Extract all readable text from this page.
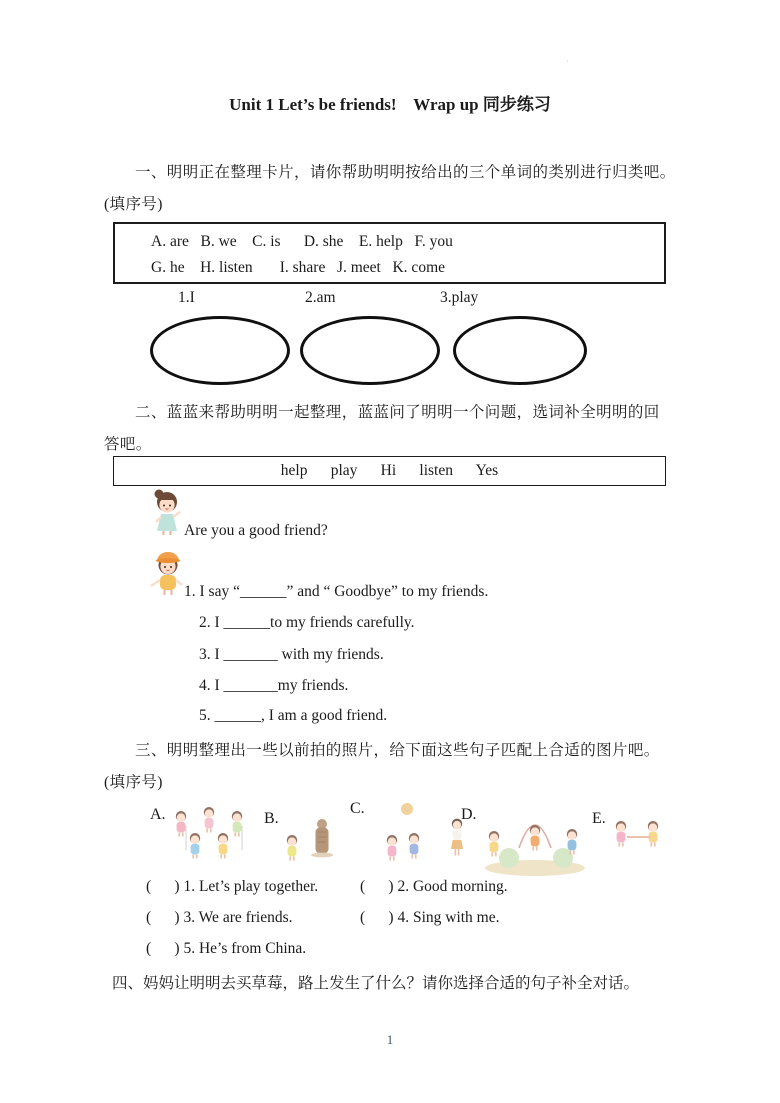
·
Unit 1 Let’s be friends!    Wrap up 同步练习
一、明明正在整理卡片，请你帮助明明按给出的三个单词的类别进行归类吧。
(填序号)
A. are   B. we    C. is      D. she    E. help   F. you
G. he    H. listen       I. share   J. meet   K. come
1.I	2.am	3.play
二、蓝蓝来帮助明明一起整理，蓝蓝问了明明一个问题，选词补全明明的回
答吧。
help      play      Hi      listen      Yes
Are you a good friend?
1. I say “______” and “ Goodbye” to my friends.
2. I ______to my friends carefully.
3. I _______ with my friends.
4. I _______my friends.
5. ______, I am a good friend.
三、明明整理出一些以前拍的照片，给下面这些句子匹配上合适的图片吧。
(填序号)
A.	B.
C.	D.	E.
(      ) 1. Let’s play together.	(      ) 2. Good morning.
(      ) 3. We are friends.	(      ) 4. Sing with me.
(      ) 5. He’s from China.
四、妈妈让明明去买草莓，路上发生了什么？请你选择合适的句子补全对话。
1
